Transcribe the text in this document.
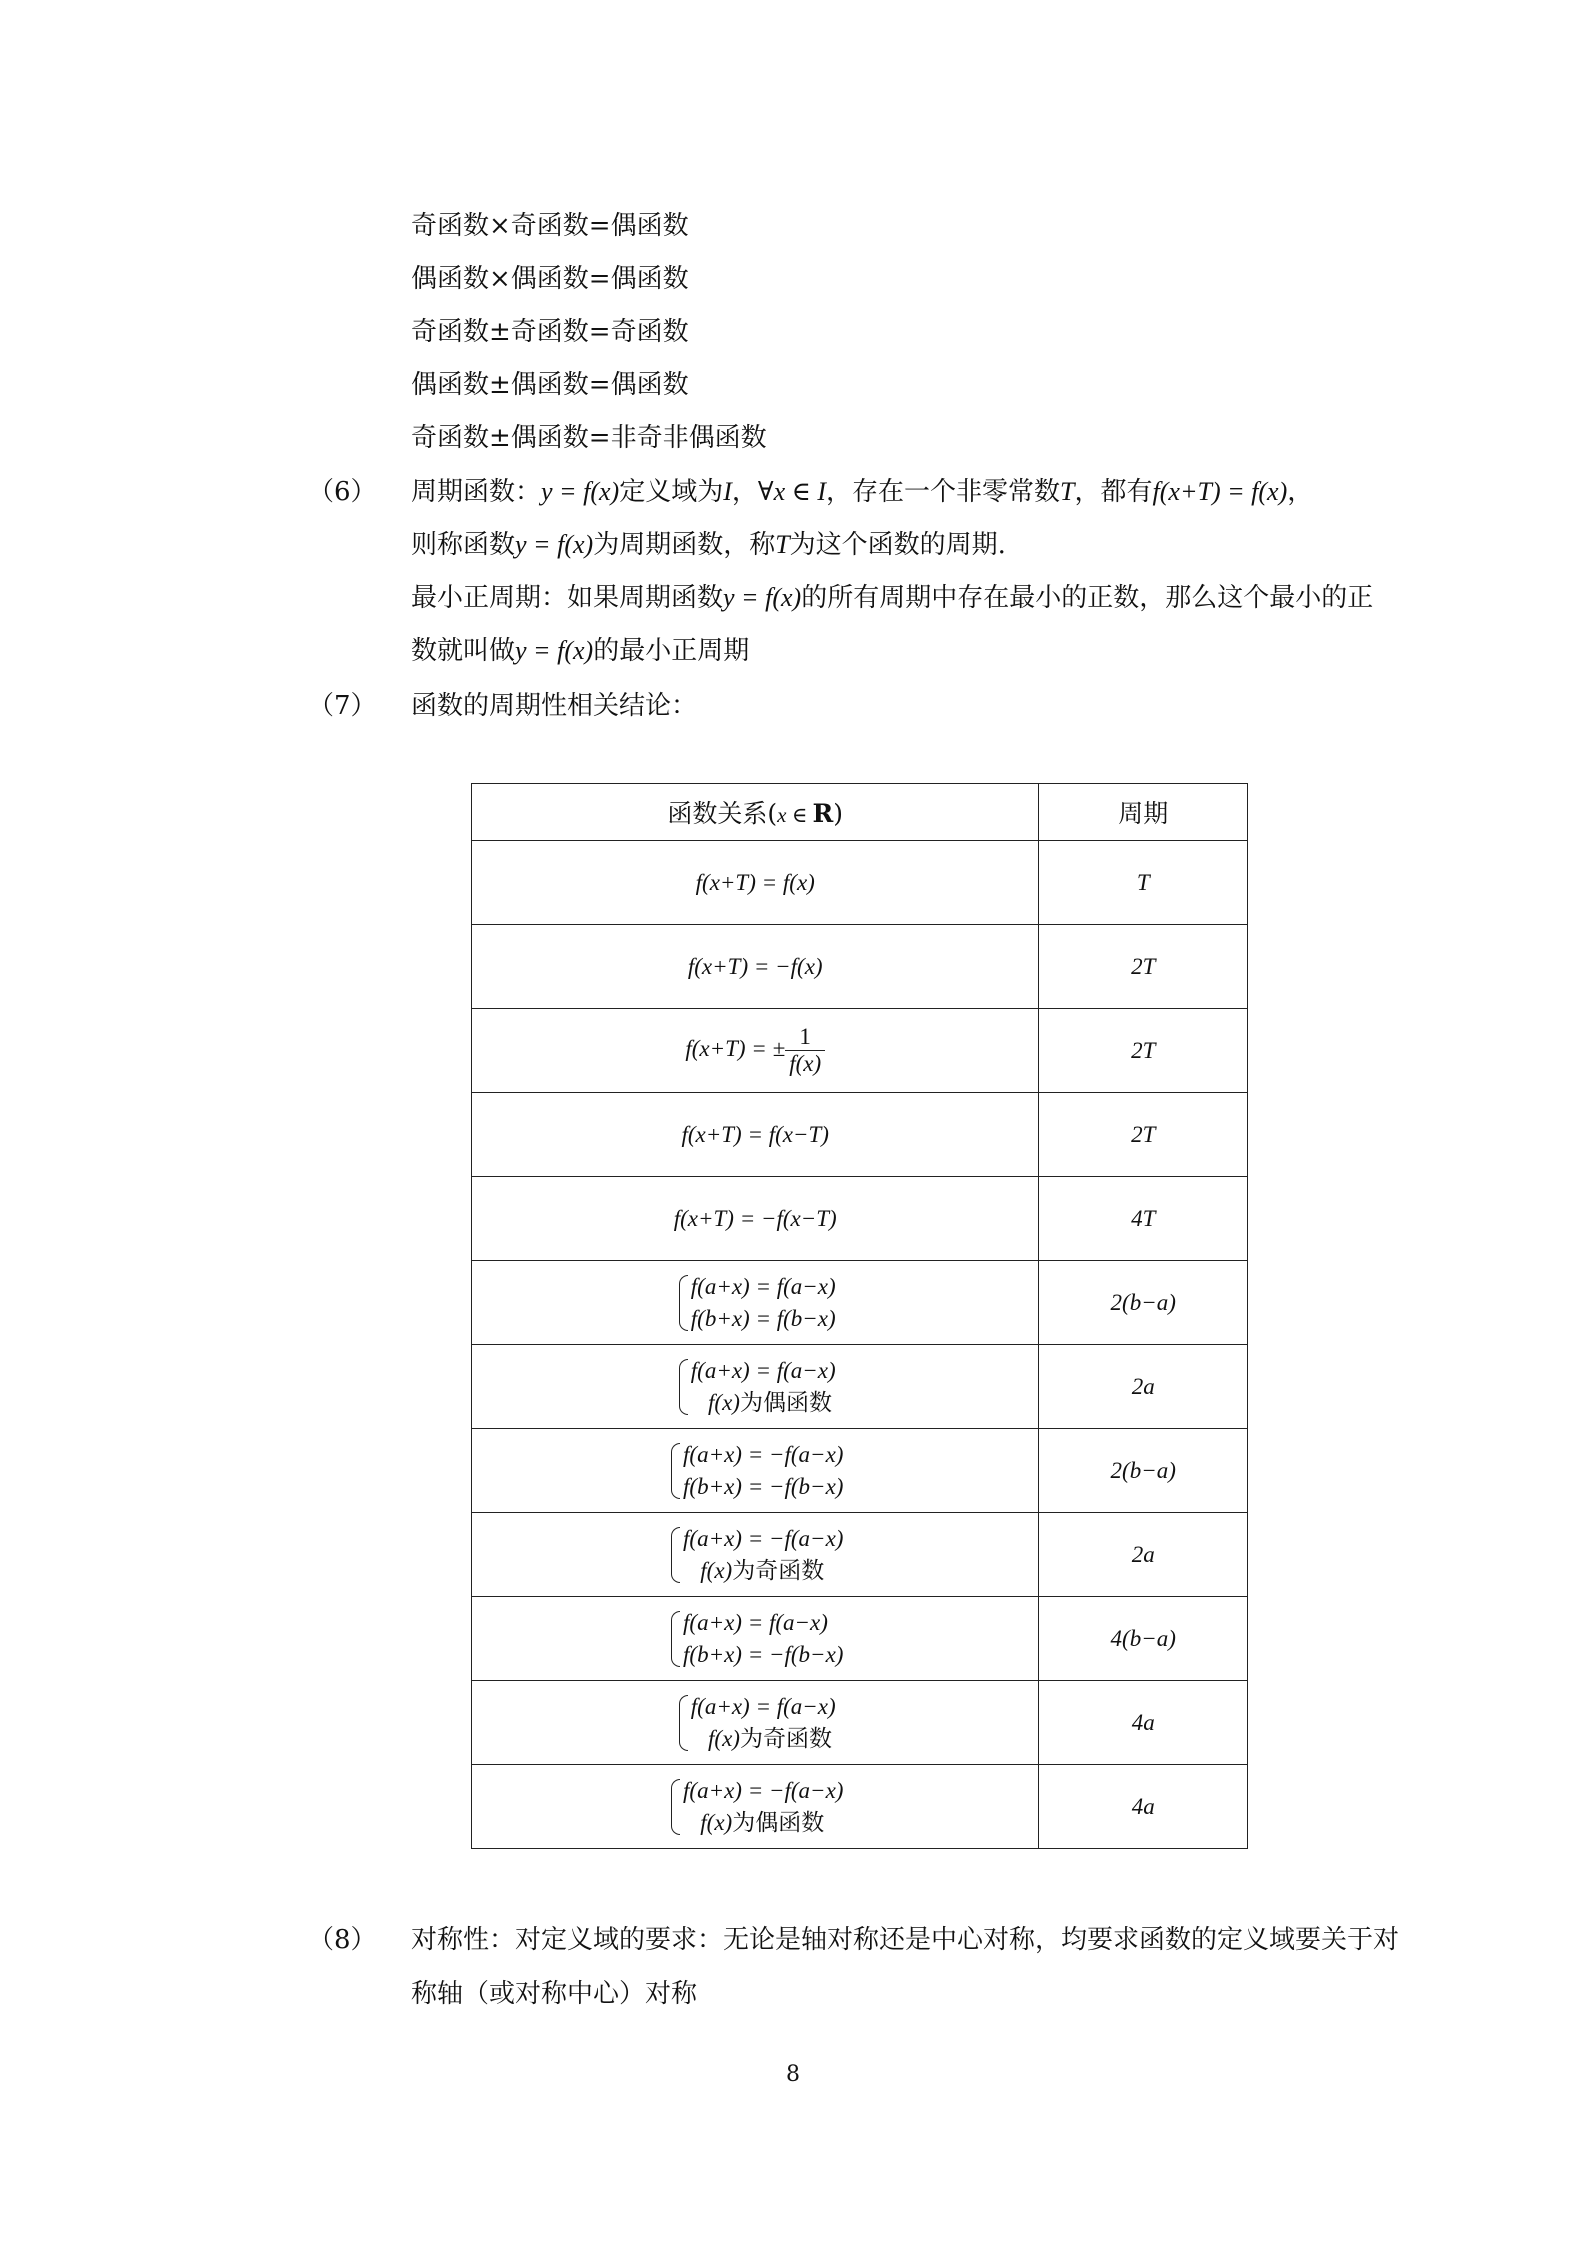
奇函数×奇函数=偶函数
偶函数×偶函数=偶函数
奇函数±奇函数=奇函数
偶函数±偶函数=偶函数
奇函数±偶函数=非奇非偶函数
（6） 周期函数：y = f(x)定义域为I，∀x ∈ I，存在一个非零常数T，都有f(x+T) = f(x)，
则称函数y = f(x)为周期函数，称T为这个函数的周期.
最小正周期：如果周期函数y = f(x)的所有周期中存在最小的正数，那么这个最小的正
数就叫做y = f(x)的最小正周期
（7） 函数的周期性相关结论：
函数关系(x ∈ R)	周期
f(x+T) = f(x)	T
f(x+T) = −f(x)	2T
f(x+T) = ± $\frac{1}{f(x)}$	2T
f(x+T) = f(x−T)	2T
f(x+T) = −f(x−T)	4T
f(a+x) = f(a−x)
f(b+x) = f(b−x)	2(b−a)
f(a+x) = f(a−x)
f(x)为偶函数	2a
f(a+x) = −f(a−x)
f(b+x) = −f(b−x)	2(b−a)
f(a+x) = −f(a−x)
f(x)为奇函数	2a
f(a+x) = f(a−x)
f(b+x) = −f(b−x)	4(b−a)
f(a+x) = f(a−x)
f(x)为奇函数	4a
f(a+x) = −f(a−x)
f(x)为偶函数	4a
（8） 对称性：对定义域的要求：无论是轴对称还是中心对称，均要求函数的定义域要关于对
称轴（或对称中心）对称
8
